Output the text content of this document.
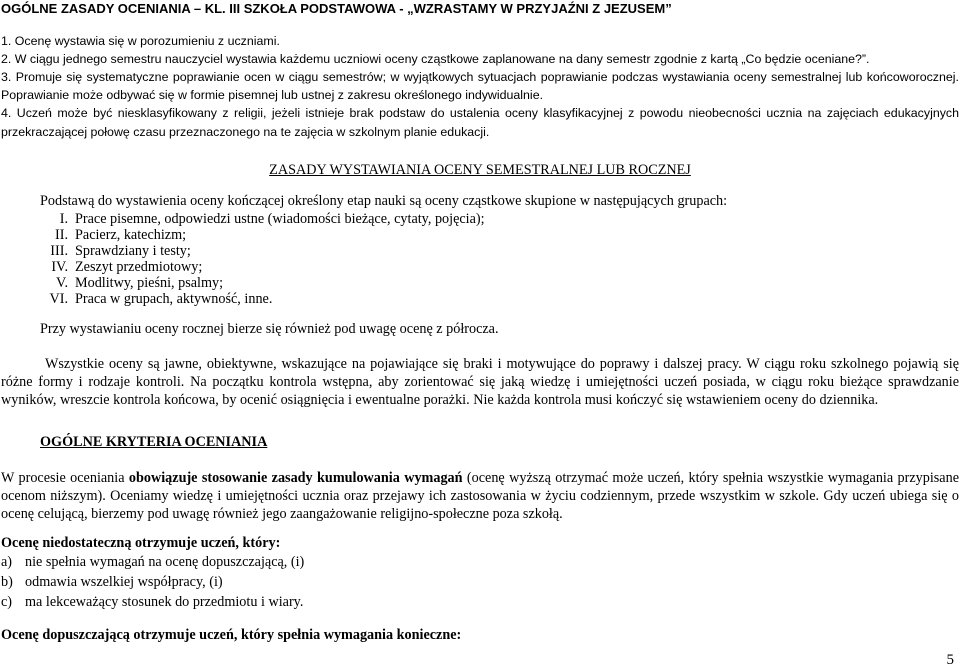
OGÓLNE ZASADY OCENIANIA – KL. III SZKOŁA PODSTAWOWA - „WZRASTAMY W PRZYJAŹNI Z JEZUSEM”
1. Ocenę wystawia się w porozumieniu z uczniami.
2. W ciągu jednego semestru nauczyciel wystawia każdemu uczniowi oceny cząstkowe zaplanowane na dany semestr zgodnie z kartą „Co będzie oceniane?”.
3. Promuje się systematyczne poprawianie ocen w ciągu semestrów; w wyjątkowych sytuacjach poprawianie podczas wystawiania oceny semestralnej lub końcoworocznej. Poprawianie może odbywać się w formie pisemnej lub ustnej z zakresu określonego indywidualnie.
4. Uczeń może być niesklasyfikowany z religii, jeżeli istnieje brak podstaw do ustalenia oceny klasyfikacyjnej z powodu nieobecności ucznia na zajęciach edukacyjnych przekraczającej połowę czasu przeznaczonego na te zajęcia w szkolnym planie edukacji.
ZASADY WYSTAWIANIA OCENY SEMESTRALNEJ LUB ROCZNEJ
Podstawą do wystawienia oceny kończącej określony etap nauki są oceny cząstkowe skupione w następujących grupach:
I. Prace pisemne, odpowiedzi ustne (wiadomości bieżące, cytaty, pojęcia);
II. Pacierz, katechizm;
III. Sprawdziany i testy;
IV. Zeszyt przedmiotowy;
V. Modlitwy, pieśni, psalmy;
VI. Praca w grupach, aktywność, inne.
Przy wystawianiu oceny rocznej bierze się również pod uwagę ocenę z półrocza.
Wszystkie oceny są jawne, obiektywne, wskazujące na pojawiające się braki i motywujące do poprawy i dalszej pracy. W ciągu roku szkolnego pojawią się różne formy i rodzaje kontroli. Na początku kontrola wstępna, aby zorientować się jaką wiedzę i umiejętności uczeń posiada, w ciągu roku bieżące sprawdzanie wyników, wreszcie kontrola końcowa, by ocenić osiągnięcia i ewentualne porażki. Nie każda kontrola musi kończyć się wstawieniem oceny do dziennika.
OGÓLNE KRYTERIA OCENIANIA
W procesie oceniania obowiązuje stosowanie zasady kumulowania wymagań (ocenę wyższą otrzymać może uczeń, który spełnia wszystkie wymagania przypisane ocenom niższym). Oceniamy wiedzę i umiejętności ucznia oraz przejawy ich zastosowania w życiu codziennym, przede wszystkim w szkole. Gdy uczeń ubiega się o ocenę celującą, bierzemy pod uwagę również jego zaangażowanie religijno-społeczne poza szkołą.
Ocenę niedostateczną otrzymuje uczeń, który:
a) nie spełnia wymagań na ocenę dopuszczającą, (i)
b) odmawia wszelkiej współpracy, (i)
c) ma lekceważący stosunek do przedmiotu i wiary.
Ocenę dopuszczającą otrzymuje uczeń, który spełnia wymagania konieczne:
5
